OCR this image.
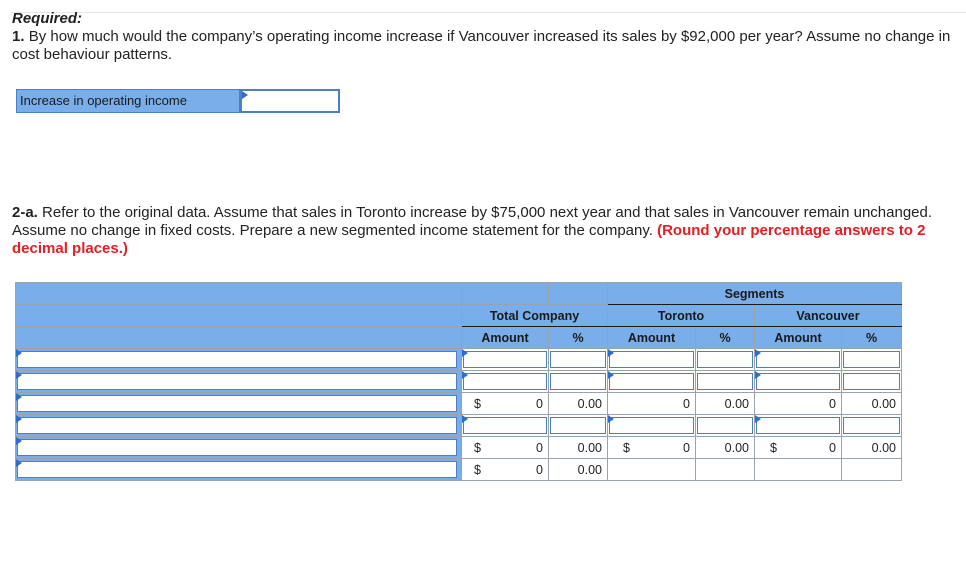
Required:
1. By how much would the company’s operating income increase if Vancouver increased its sales by $92,000 per year? Assume no change in cost behaviour patterns.
Increase in operating income
2-a. Refer to the original data. Assume that sales in Toronto increase by $75,000 next year and that sales in Vancouver remain unchanged. Assume no change in fixed costs. Prepare a new segmented income statement for the company. (Round your percentage answers to 2 decimal places.)
			Segments			
	Total Company		Toronto		Vancouver	
	Amount	%	Amount	%	Amount	%

	$ 0	0.00	0	0.00	0	0.00

	$ 0	0.00	$ 0	0.00	$ 0	0.00

	$ 0	0.00				
